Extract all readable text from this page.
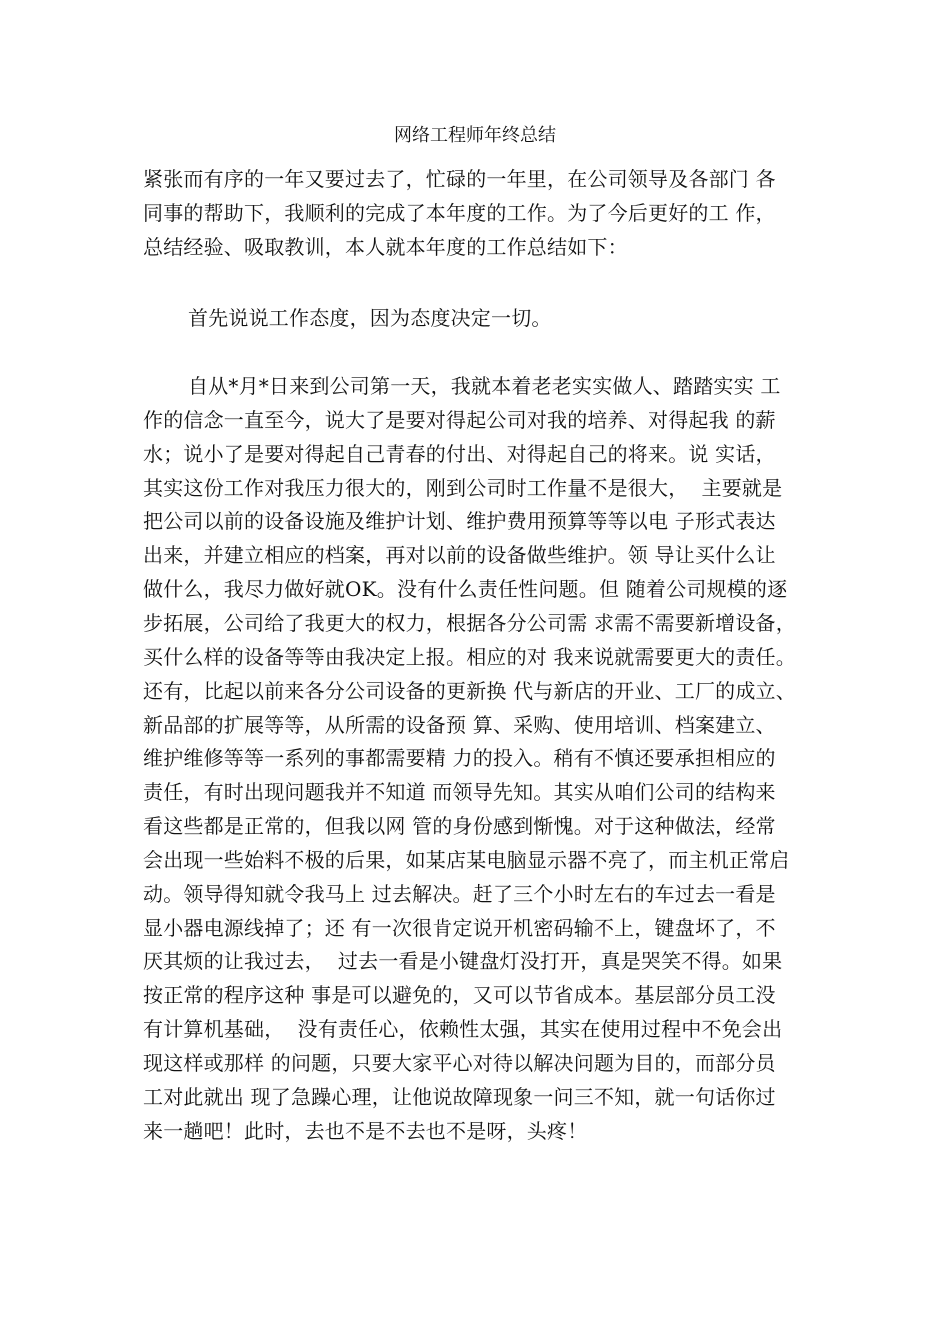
网络工程师年终总结
紧张而有序的一年又要过去了，忙碌的一年里，在公司领导及各部门 各
同事的帮助下，我顺利的完成了本年度的工作。为了今后更好的工 作，
总结经验、吸取教训，本人就本年度的工作总结如下：
首先说说工作态度，因为态度决定一切。
自从*月*日来到公司第一天，我就本着老老实实做人、踏踏实实 工
作的信念一直至今，说大了是要对得起公司对我的培养、对得起我 的薪
水；说小了是要对得起自己青春的付出、对得起自己的将来。说 实话，
其实这份工作对我压力很大的，刚到公司时工作量不是很大，  主要就是
把公司以前的设备设施及维护计划、维护费用预算等等以电 子形式表达
出来，并建立相应的档案，再对以前的设备做些维护。领 导让买什么让
做什么，我尽力做好就OK。没有什么责任性问题。但 随着公司规模的逐
步拓展，公司给了我更大的权力，根据各分公司需 求需不需要新增设备，
买什么样的设备等等由我决定上报。相应的对 我来说就需要更大的责任。
还有，比起以前来各分公司设备的更新换 代与新店的开业、工厂的成立、
新品部的扩展等等，从所需的设备预 算、采购、使用培训、档案建立、
维护维修等等一系列的事都需要精 力的投入。稍有不慎还要承担相应的
责任，有时出现问题我并不知道 而领导先知。其实从咱们公司的结构来
看这些都是正常的，但我以网 管的身份感到惭愧。对于这种做法，经常
会出现一些始料不极的后果，如某店某电脑显示器不亮了，而主机正常启
动。领导得知就令我马上 过去解决。赶了三个小时左右的车过去一看是
显小器电源线掉了；还 有一次很肯定说开机密码输不上，键盘坏了，不
厌其烦的让我过去，  过去一看是小键盘灯没打开，真是哭笑不得。如果
按正常的程序这种 事是可以避免的，又可以节省成本。基层部分员工没
有计算机基础，  没有责任心，依赖性太强，其实在使用过程中不免会出
现这样或那样 的问题，只要大家平心对待以解决问题为目的，而部分员
工对此就出 现了急躁心理，让他说故障现象一问三不知，就一句话你过
来一趟吧！此时，去也不是不去也不是呀，头疼！
